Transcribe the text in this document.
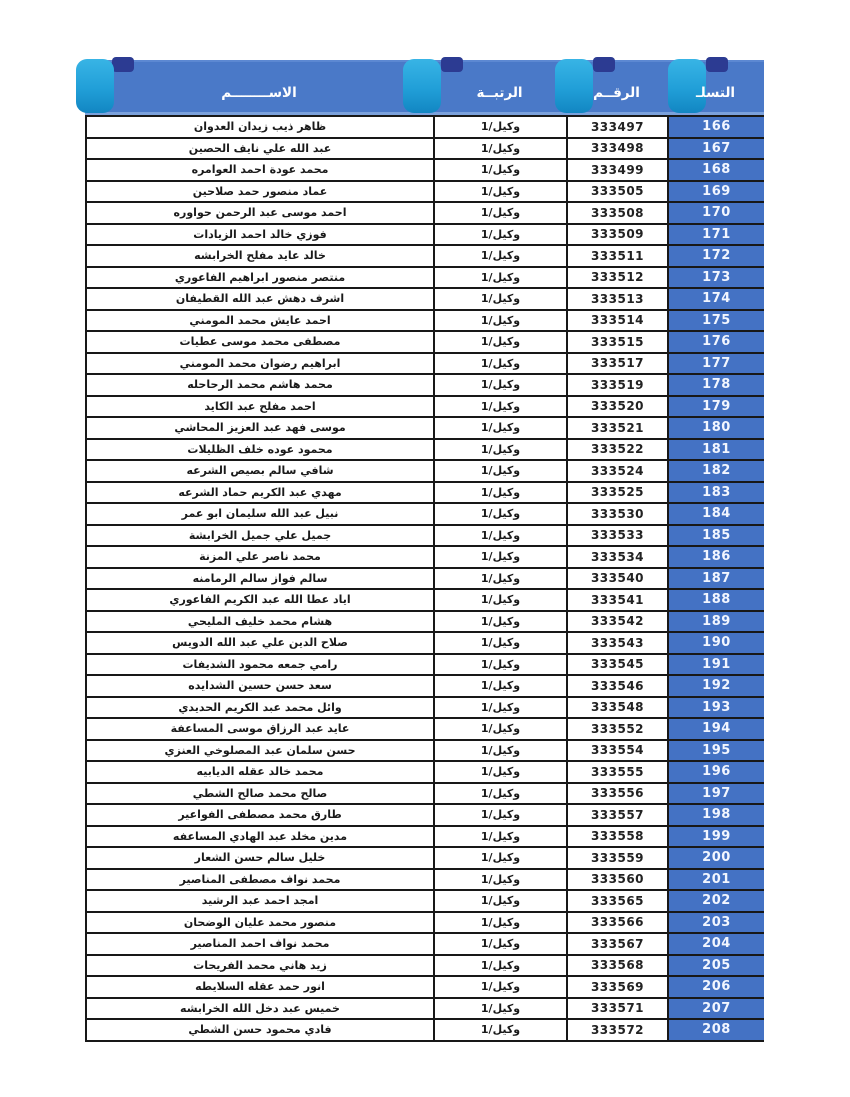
التسلـ
الرقــم
الرتبــة
الاســــــــم
166
333497
وكيل/1
ظاهر ذيب زيدان العدوان
167
333498
وكيل/1
عبد الله علي نايف الحصين
168
333499
وكيل/1
محمد عودة احمد العوامره
169
333505
وكيل/1
عماد منصور حمد صلاحين
170
333508
وكيل/1
احمد موسى عبد الرحمن حواوره
171
333509
وكيل/1
فوزي خالد احمد الزيادات
172
333511
وكيل/1
خالد عايد مفلح الخرابشه
173
333512
وكيل/1
منتصر منصور ابراهيم الفاعوري
174
333513
وكيل/1
اشرف دهش عبد الله القطيفان
175
333514
وكيل/1
احمد عايش محمد المومني
176
333515
وكيل/1
مصطفى محمد موسى عطيات
177
333517
وكيل/1
ابراهيم رضوان محمد المومني
178
333519
وكيل/1
محمد هاشم محمد الرحاحله
179
333520
وكيل/1
احمد مفلح عبد الكايد
180
333521
وكيل/1
موسى فهد عبد العزيز المحاشي
181
333522
وكيل/1
محمود عوده خلف الظليلات
182
333524
وكيل/1
شافي سالم بصيص الشرعه
183
333525
وكيل/1
مهدي عبد الكريم حماد الشرعه
184
333530
وكيل/1
نبيل عبد الله سليمان ابو عمر
185
333533
وكيل/1
جميل علي جميل الخرابشة
186
333534
وكيل/1
محمد ناصر علي المزنة
187
333540
وكيل/1
سالم فواز سالم الرمامنه
188
333541
وكيل/1
اياد عطا الله عبد الكريم الفاعوري
189
333542
وكيل/1
هشام محمد خليف المليحي
190
333543
وكيل/1
صلاح الدين علي عبد الله الدويس
191
333545
وكيل/1
رامي جمعه محمود الشديفات
192
333546
وكيل/1
سعد حسن حسين الشدايده
193
333548
وكيل/1
وائل محمد عبد الكريم الحديدي
194
333552
وكيل/1
عايد عبد الرزاق موسى المساعفة
195
333554
وكيل/1
حسن سلمان عبد المصلوخي العنزي
196
333555
وكيل/1
محمد خالد عقله الديابيه
197
333556
وكيل/1
صالح محمد صالح الشطي
198
333557
وكيل/1
طارق محمد مصطفى الفواعير
199
333558
وكيل/1
مدين مخلد عبد الهادي المساعفه
200
333559
وكيل/1
خليل سالم حسن الشعار
201
333560
وكيل/1
محمد نواف مصطفى المناصير
202
333565
وكيل/1
امجد احمد عبد الرشيد
203
333566
وكيل/1
منصور محمد عليان الوضحان
204
333567
وكيل/1
محمد نواف احمد المناصير
205
333568
وكيل/1
زيد هاني محمد الفريحات
206
333569
وكيل/1
انور حمد عقله السلايطه
207
333571
وكيل/1
خميس عبد دخل الله الخرابشه
208
333572
وكيل/1
فادي محمود حسن الشطي
